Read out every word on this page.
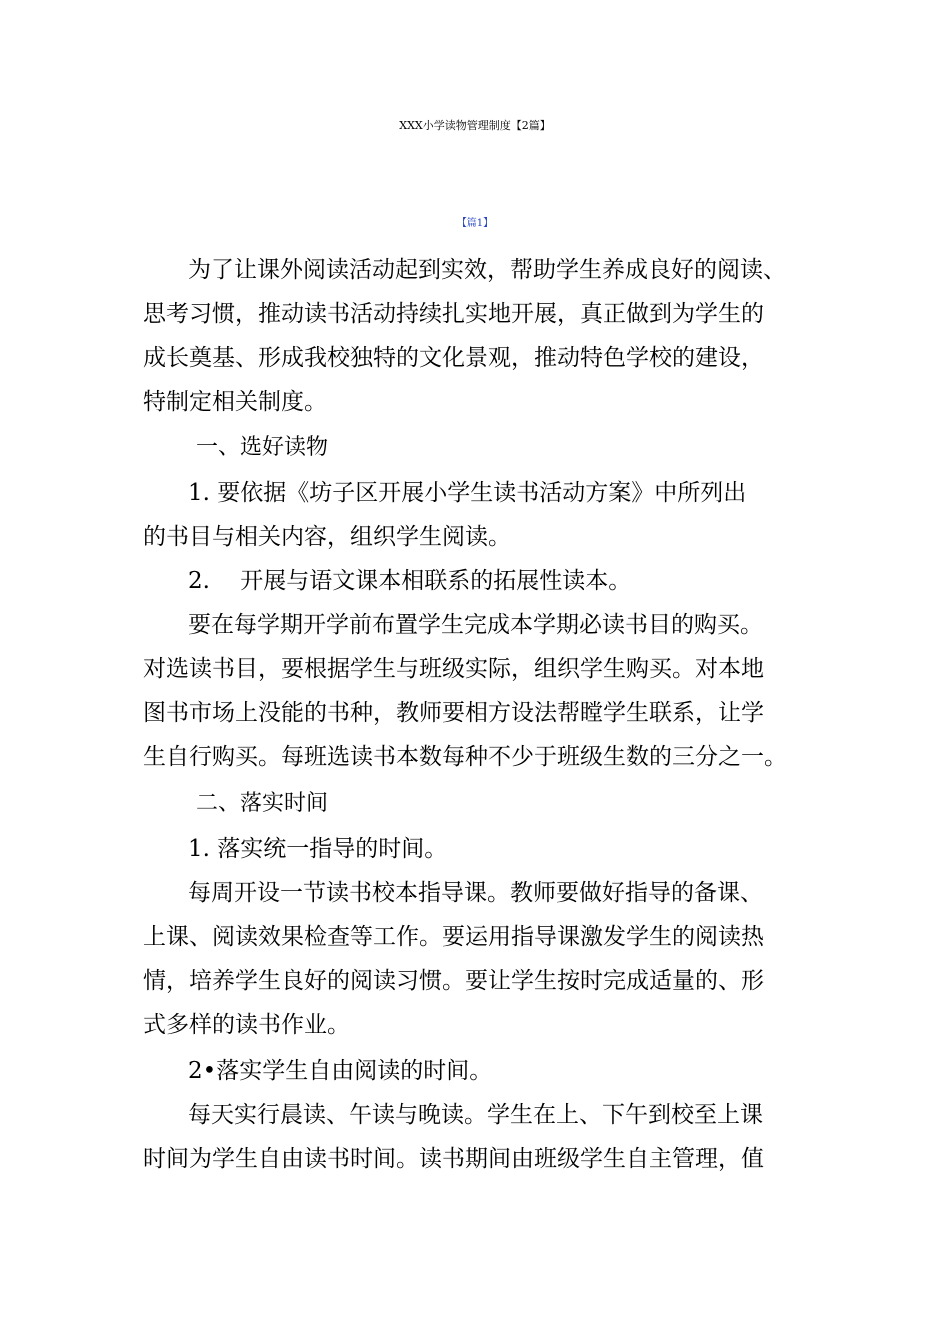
XXX小学读物管理制度【2篇】
【篇1】
为了让课外阅读活动起到实效，帮助学生养成良好的阅读、
思考习惯，推动读书活动持续扎实地开展，真正做到为学生的
成长奠基、形成我校独特的文化景观，推动特色学校的建设，
特制定相关制度。
一、选好读物
1. 要依据《坊子区开展小学生读书活动方案》中所列出
的书目与相关内容，组织学生阅读。
2.　 开展与语文课本相联系的拓展性读本。
要在每学期开学前布置学生完成本学期必读书目的购买。
对选读书目，要根据学生与班级实际，组织学生购买。对本地
图书市场上没能的书种，教师要相方设法帮瞠学生联系，让学
生自行购买。每班选读书本数每种不少于班级生数的三分之一。
二、落实时间
1. 落实统一指导的时间。
每周开设一节读书校本指导课。教师要做好指导的备课、
上课、阅读效果检查等工作。要运用指导课激发学生的阅读热
情，培养学生良好的阅读习惯。要让学生按时完成适量的、形
式多样的读书作业。
2•落实学生自由阅读的时间。
每天实行晨读、午读与晚读。学生在上、下午到校至上课
时间为学生自由读书时间。读书期间由班级学生自主管理，值
